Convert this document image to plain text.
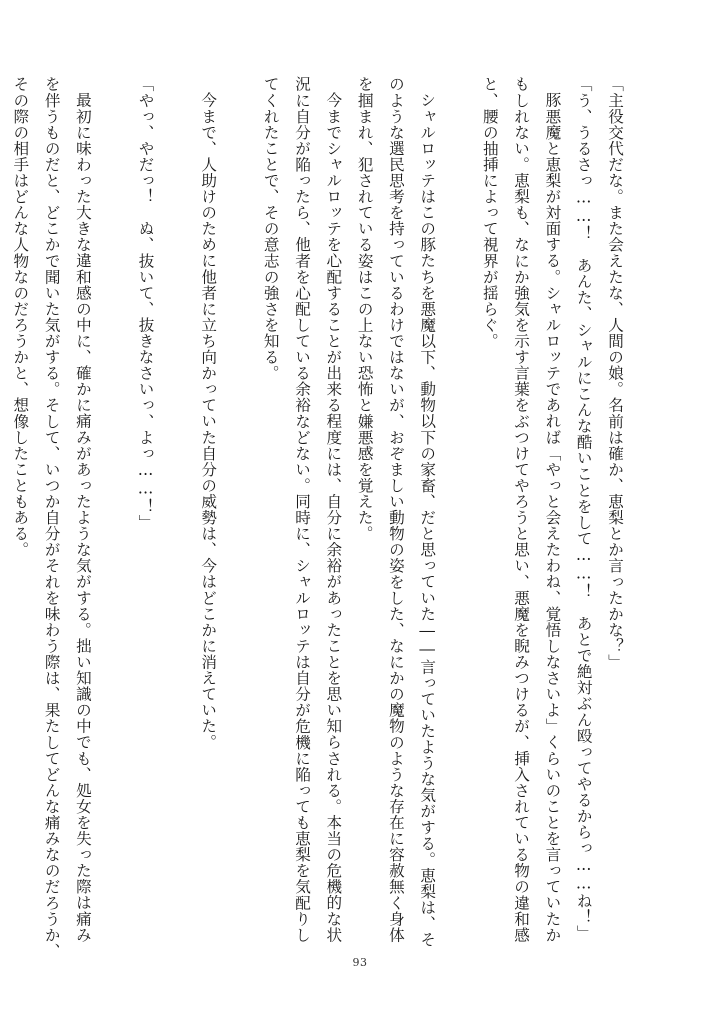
「主役交代だな。また会えたな、人間の娘。名前は確か、恵梨とか言ったかな？」

「う、うるさっ……！　あんた、シャルにこんな酷いことをして……！　あとで絶対ぶん殴ってやるからっ……ね！」

豚悪魔と恵梨が対面する。シャルロッテであれば「やっと会えたわね、覚悟しなさいよ」くらいのことを言っていたか

もしれない。恵梨も、なにか強気を示す言葉をぶつけてやろうと思い、悪魔を睨みつけるが、挿入されている物の違和感

と、腰の抽挿によって視界が揺らぐ。

シャルロッテはこの豚たちを悪魔以下、動物以下の家畜、だと思っていた――言っていたような気がする。恵梨は、そ

のような選民思考を持っているわけではないが、おぞましい動物の姿をした、なにかの魔物のような存在に容赦無く身体

を掴まれ、犯されている姿はこの上ない恐怖と嫌悪感を覚えた。

今までシャルロッテを心配することが出来る程度には、自分に余裕があったことを思い知らされる。本当の危機的な状

況に自分が陥ったら、他者を心配している余裕などない。同時に、シャルロッテは自分が危機に陥っても恵梨を気配りし

てくれたことで、その意志の強さを知る。

今まで、人助けのために他者に立ち向かっていた自分の威勢は、今はどこかに消えていた。

「やっ、やだっ！　ぬ、抜いて、抜きなさいっ、よっ……！」

最初に味わった大きな違和感の中に、確かに痛みがあったような気がする。拙い知識の中でも、処女を失った際は痛み

を伴うものだと、どこかで聞いた気がする。そして、いつか自分がそれを味わう際は、果たしてどんな痛みなのだろうか、

その際の相手はどんな人物なのだろうかと、想像したこともある。

93
